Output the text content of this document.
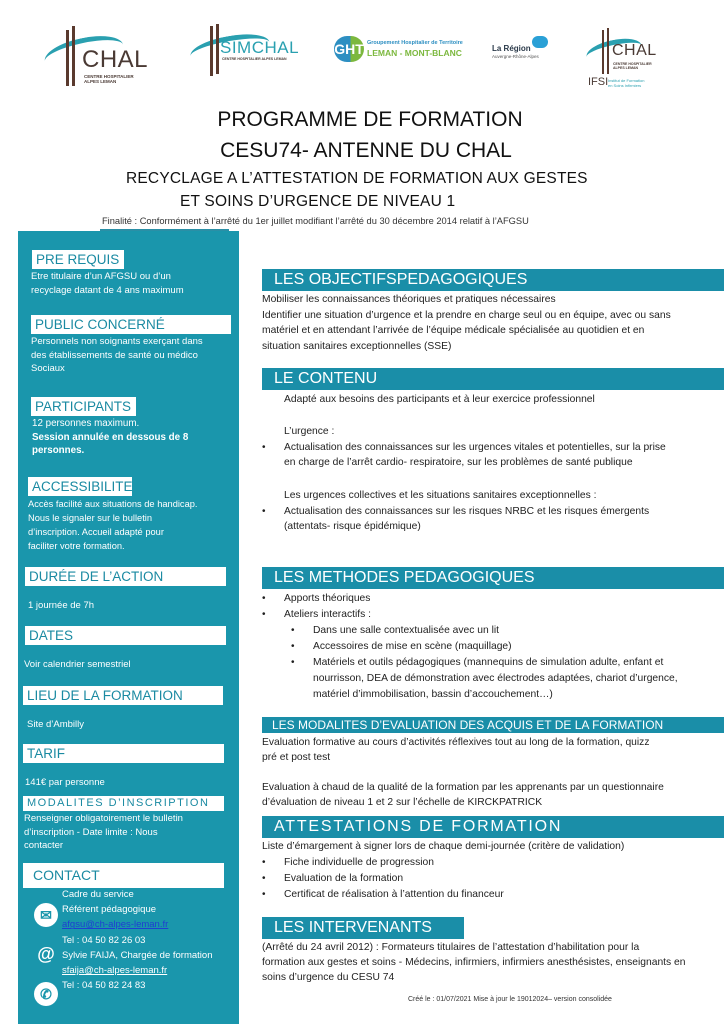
CHAL
CENTRE HOSPITALIER
ALPES LEMAN
SIMCHAL
CENTRE HOSPITALIER ALPES LEMAN
GHT Groupement Hospitalier de Territoire
LEMAN - MONT-BLANC	La Région
Auvergne-Rhône-Alpes	CHAL
CENTRE HOSPITALIER
ALPES LEMAN
IFSI Institut de Formation
en Soins Infirmiers
PROGRAMME DE FORMATION
CESU74- ANTENNE DU CHAL
RECYCLAGE A L’ATTESTATION DE FORMATION AUX GESTES
ET SOINS D’URGENCE DE NIVEAU 1
Finalité : Conformément à l’arrêté du 1er juillet modifiant l’arrêté du 30 décembre 2014 relatif à l’AFGSU
PRE REQUIS
Etre titulaire d’un AFGSU ou d’un
recyclage datant de 4 ans maximum
PUBLIC CONCERNÉ
Personnels non soignants exerçant dans
des établissements de santé ou médico
Sociaux
PARTICIPANTS
12 personnes maximum.
Session annulée en dessous de 8
personnes.
ACCESSIBILITE
Accès facilité aux situations de handicap.
Nous le signaler sur le bulletin
d’inscription. Accueil adapté pour
faciliter votre formation.
DURÉE DE L’ACTION
1 journée de 7h
DATES
Voir calendrier semestriel
LIEU DE LA FORMATION
Site d’Ambilly
TARIF
141€ par personne
MODALITES D’INSCRIPTION
Renseigner obligatoirement le bulletin
d’inscription - Date limite : Nous
contacter
CONTACT
✉
@
✆
Cadre du service
Référent pédagogique
afgsu@ch-alpes-leman.fr
Tel : 04 50 82 26 03
Sylvie FAIJA, Chargée de formation
sfaija@ch-alpes-leman.fr
Tel : 04 50 82 24 83
LES OBJECTIFSPEDAGOGIQUES
Mobiliser les connaissances théoriques et pratiques nécessaires
Identifier une situation d’urgence et la prendre en charge seul ou en équipe, avec ou sans
matériel et en attendant l’arrivée de l’équipe médicale spécialisée au quotidien et en
situation sanitaires exceptionnelles (SSE)
LE CONTENU
Adapté aux besoins des participants et à leur exercice professionnel
L’urgence :
• Actualisation des connaissances sur les urgences vitales et potentielles, sur la prise
en charge de l’arrêt cardio- respiratoire, sur les problèmes de santé publique
Les urgences collectives et les situations sanitaires exceptionnelles :
• Actualisation des connaissances sur les risques NRBC et les risques émergents
(attentats- risque épidémique)
LES METHODES PEDAGOGIQUES
• Apports théoriques
• Ateliers interactifs :
• Dans une salle contextualisée avec un lit
• Accessoires de mise en scène (maquillage)
• Matériels et outils pédagogiques (mannequins de simulation adulte, enfant et
nourrisson, DEA de démonstration avec électrodes adaptées, chariot d’urgence,
matériel d’immobilisation, bassin d’accouchement…)
LES MODALITES D’EVALUATION DES ACQUIS ET DE LA FORMATION
Evaluation formative au cours d’activités réflexives tout au long de la formation, quizz
pré et post test
Evaluation à chaud de la qualité de la formation par les apprenants par un questionnaire
d’évaluation de niveau 1 et 2 sur l’échelle de KIRCKPATRICK
ATTESTATIONS DE FORMATION
Liste d’émargement à signer lors de chaque demi-journée (critère de validation)
• Fiche individuelle de progression
• Evaluation de la formation
• Certificat de réalisation à l’attention du financeur
LES INTERVENANTS
(Arrêté du 24 avril 2012) : Formateurs titulaires de l’attestation d’habilitation pour la
formation aux gestes et soins - Médecins, infirmiers, infirmiers anesthésistes, enseignants en
soins d’urgence du CESU 74
Créé le : 01/07/2021 Mise à jour le 19012024– version consolidée
